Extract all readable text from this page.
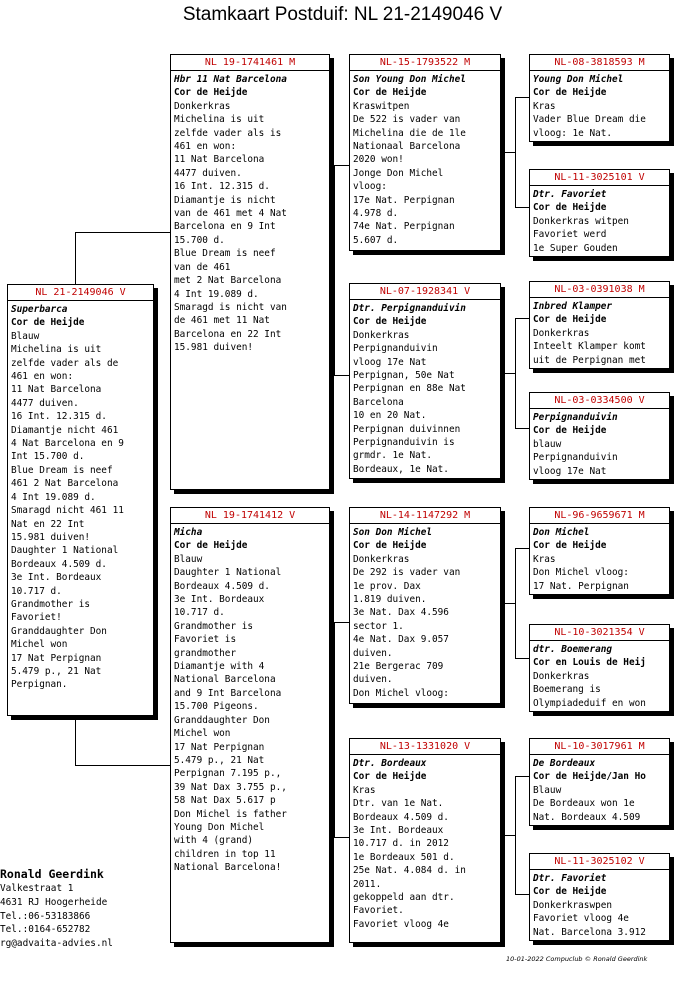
Stamkaart Postduif: NL 21-2149046 V
NL 21-2149046 V
Superbarca
Cor de Heijde
Blauw
Michelina is uit
zelfde vader als de
461 en won:
11 Nat Barcelona
4477 duiven.
16 Int. 12.315 d.
Diamantje nicht 461
4 Nat Barcelona en 9
Int 15.700 d.
Blue Dream is neef
461 2 Nat Barcelona
4 Int 19.089 d.
Smaragd nicht 461 11
Nat en 22 Int
15.981 duiven!
Daughter 1 National
Bordeaux 4.509 d.
3e Int. Bordeaux
10.717 d.
Grandmother is
Favoriet!
Granddaughter Don
Michel won
17 Nat Perpignan
5.479 p., 21 Nat
Perpignan.
NL 19-1741461 M
Hbr 11 Nat Barcelona
Cor de Heijde
Donkerkras
Michelina is uit
zelfde vader als is
461 en won:
11 Nat Barcelona
4477 duiven.
16 Int. 12.315 d.
Diamantje is nicht
van de 461 met 4 Nat
Barcelona en 9 Int
15.700 d.
Blue Dream is neef
van de 461
met 2 Nat Barcelona
4 Int 19.089 d.
Smaragd is nicht van
de 461 met 11 Nat
Barcelona en 22 Int
15.981 duiven!
NL 19-1741412 V
Micha
Cor de Heijde
Blauw
Daughter 1 National
Bordeaux 4.509 d.
3e Int. Bordeaux
10.717 d.
Grandmother is
Favoriet is
grandmother
Diamantje with 4
National Barcelona
and 9 Int Barcelona
15.700 Pigeons.
Granddaughter Don
Michel won
17 Nat Perpignan
5.479 p., 21 Nat
Perpignan 7.195 p.,
39 Nat Dax 3.755 p.,
58 Nat Dax 5.617 p
Don Michel is father
Young Don Michel
with 4 (grand)
children in top 11
National Barcelona!
NL-15-1793522 M
Son Young Don Michel
Cor de Heijde
Kraswitpen
De 522 is vader van
Michelina die de 1le
Nationaal Barcelona
2020 won!
Jonge Don Michel
vloog:
17e Nat. Perpignan
4.978 d.
74e Nat. Perpignan
5.607 d.
NL-07-1928341 V
Dtr. Perpignanduivin
Cor de Heijde
Donkerkras
Perpignanduivin
vloog 17e Nat
Perpignan, 50e Nat
Perpignan en 88e Nat
Barcelona
10 en 20 Nat.
Perpignan duivinnen
Perpignanduivin is
grmdr. 1e Nat.
Bordeaux, 1e Nat.
NL-14-1147292 M
Son Don Michel
Cor de Heijde
Donkerkras
De 292 is vader van
1e prov. Dax
1.819 duiven.
3e Nat. Dax 4.596
sector 1.
4e Nat. Dax 9.057
duiven.
21e Bergerac 709
duiven.
Don Michel vloog:
NL-13-1331020 V
Dtr. Bordeaux
Cor de Heijde
Kras
Dtr. van 1e Nat.
Bordeaux 4.509 d.
3e Int. Bordeaux
10.717 d. in 2012
1e Bordeaux 501 d.
25e Nat. 4.084 d. in
2011.
gekoppeld aan dtr.
Favoriet.
Favoriet vloog 4e
NL-08-3818593 M
Young Don Michel
Cor de Heijde
Kras
Vader Blue Dream die
vloog: 1e Nat.
NL-11-3025101 V
Dtr. Favoriet
Cor de Heijde
Donkerkras witpen
Favoriet werd
1e Super Gouden
NL-03-0391038 M
Inbred Klamper
Cor de Heijde
Donkerkras
Inteelt Klamper komt
uit de Perpignan met
NL-03-0334500 V
Perpignanduivin
Cor de Heijde
blauw
Perpignanduivin
vloog 17e Nat
NL-96-9659671 M
Don Michel
Cor de Heijde
Kras
Don Michel vloog:
17 Nat. Perpignan
NL-10-3021354 V
dtr. Boemerang
Cor en Louis de Heij
Donkerkras
Boemerang is
Olympiadeduif en won
NL-10-3017961 M
De Bordeaux
Cor de Heijde/Jan Ho
Blauw
De Bordeaux won 1e
Nat. Bordeaux 4.509
NL-11-3025102 V
Dtr. Favoriet
Cor de Heijde
Donkerkraswpen
Favoriet vloog 4e
Nat. Barcelona 3.912
Ronald Geerdink
Valkestraat 1
4631 RJ Hoogerheide
Tel.:06-53183866
Tel.:0164-652782
rg@advaita-advies.nl
10-01-2022 Compuclub © Ronald Geerdink
